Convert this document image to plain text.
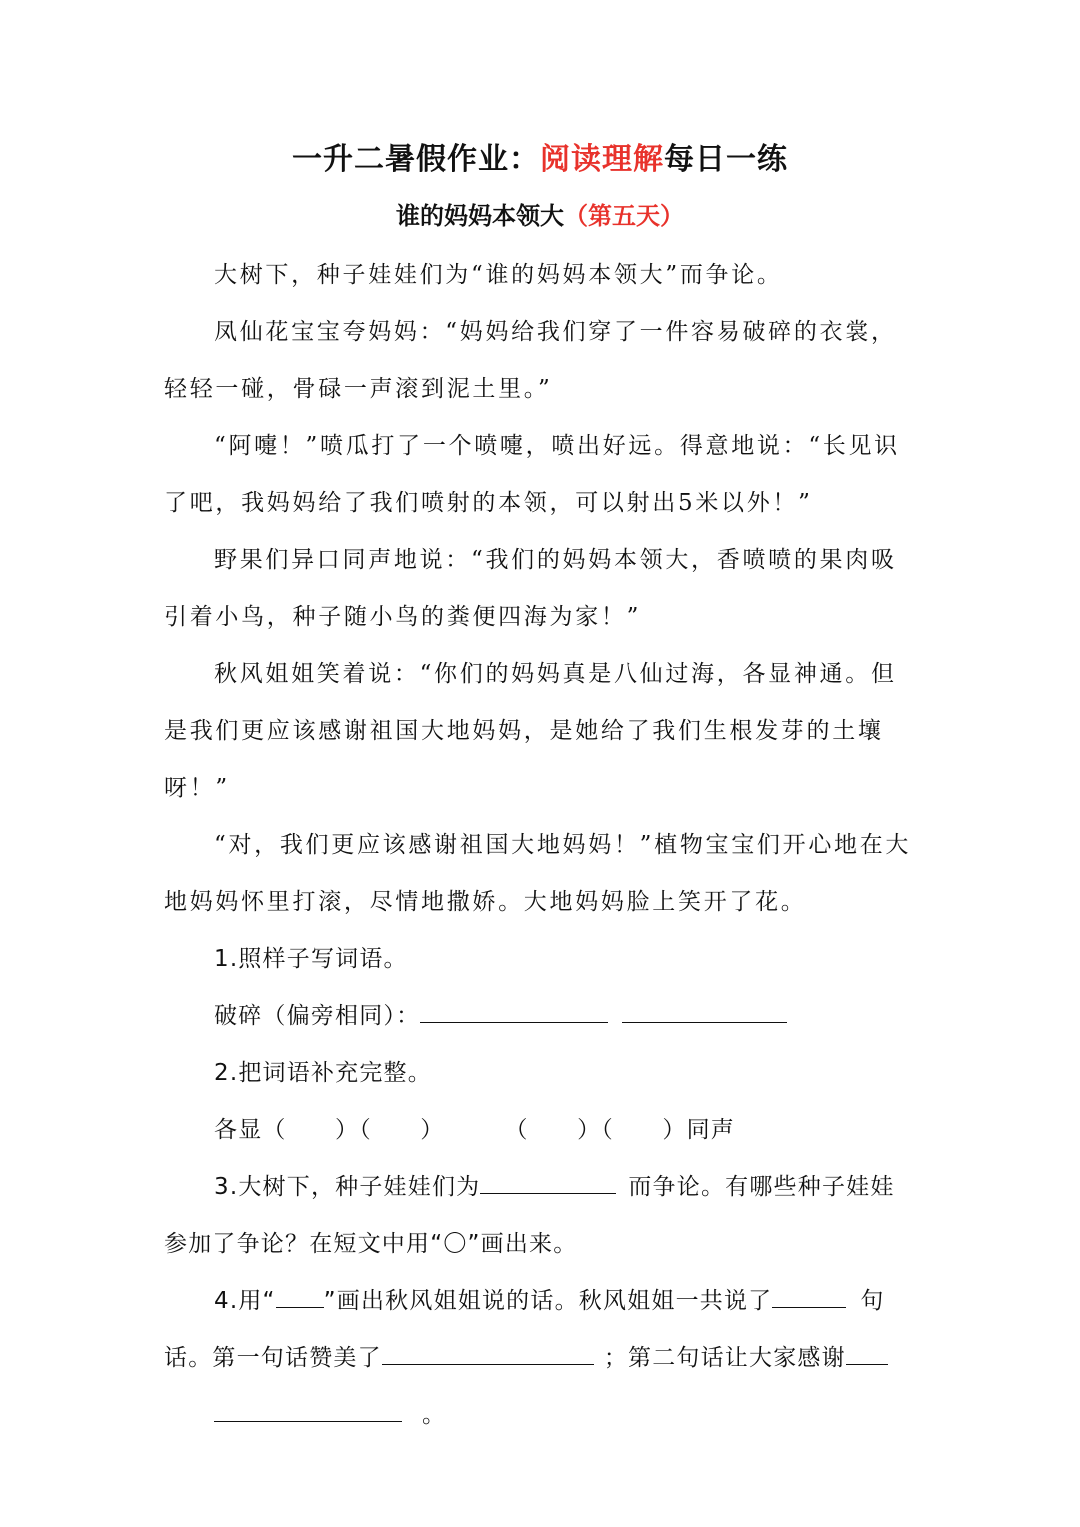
一升二暑假作业：阅读理解每日一练
谁的妈妈本领大（第五天）

大树下，种子娃娃们为“谁的妈妈本领大”而争论。

凤仙花宝宝夸妈妈：“妈妈给我们穿了一件容易破碎的衣裳，轻轻一碰，骨碌一声滚到泥土里。”

“阿嚏！”喷瓜打了一个喷嚏，喷出好远。得意地说：“长见识了吧，我妈妈给了我们喷射的本领，可以射出5米以外！”

野果们异口同声地说：“我们的妈妈本领大，香喷喷的果肉吸引着小鸟，种子随小鸟的粪便四海为家！”

秋风姐姐笑着说：“你们的妈妈真是八仙过海，各显神通。但是我们更应该感谢祖国大地妈妈，是她给了我们生根发芽的土壤呀！”

“对，我们更应该感谢祖国大地妈妈！”植物宝宝们开心地在大地妈妈怀里打滚，尽情地撒娇。大地妈妈脸上笑开了花。

1.照样子写词语。

破碎（偏旁相同）：

2.把词语补充完整。

各显（　　）（　　）	（　　）（　　）同声

3.大树下，种子娃娃们为	而争论。有哪些种子娃娃参加了争论？在短文中用“〇”画出来。

4.用“ ”画出秋风姐姐说的话。秋风姐姐一共说了	句话。第一句话赞美了	；第二句话让大家感谢
。
